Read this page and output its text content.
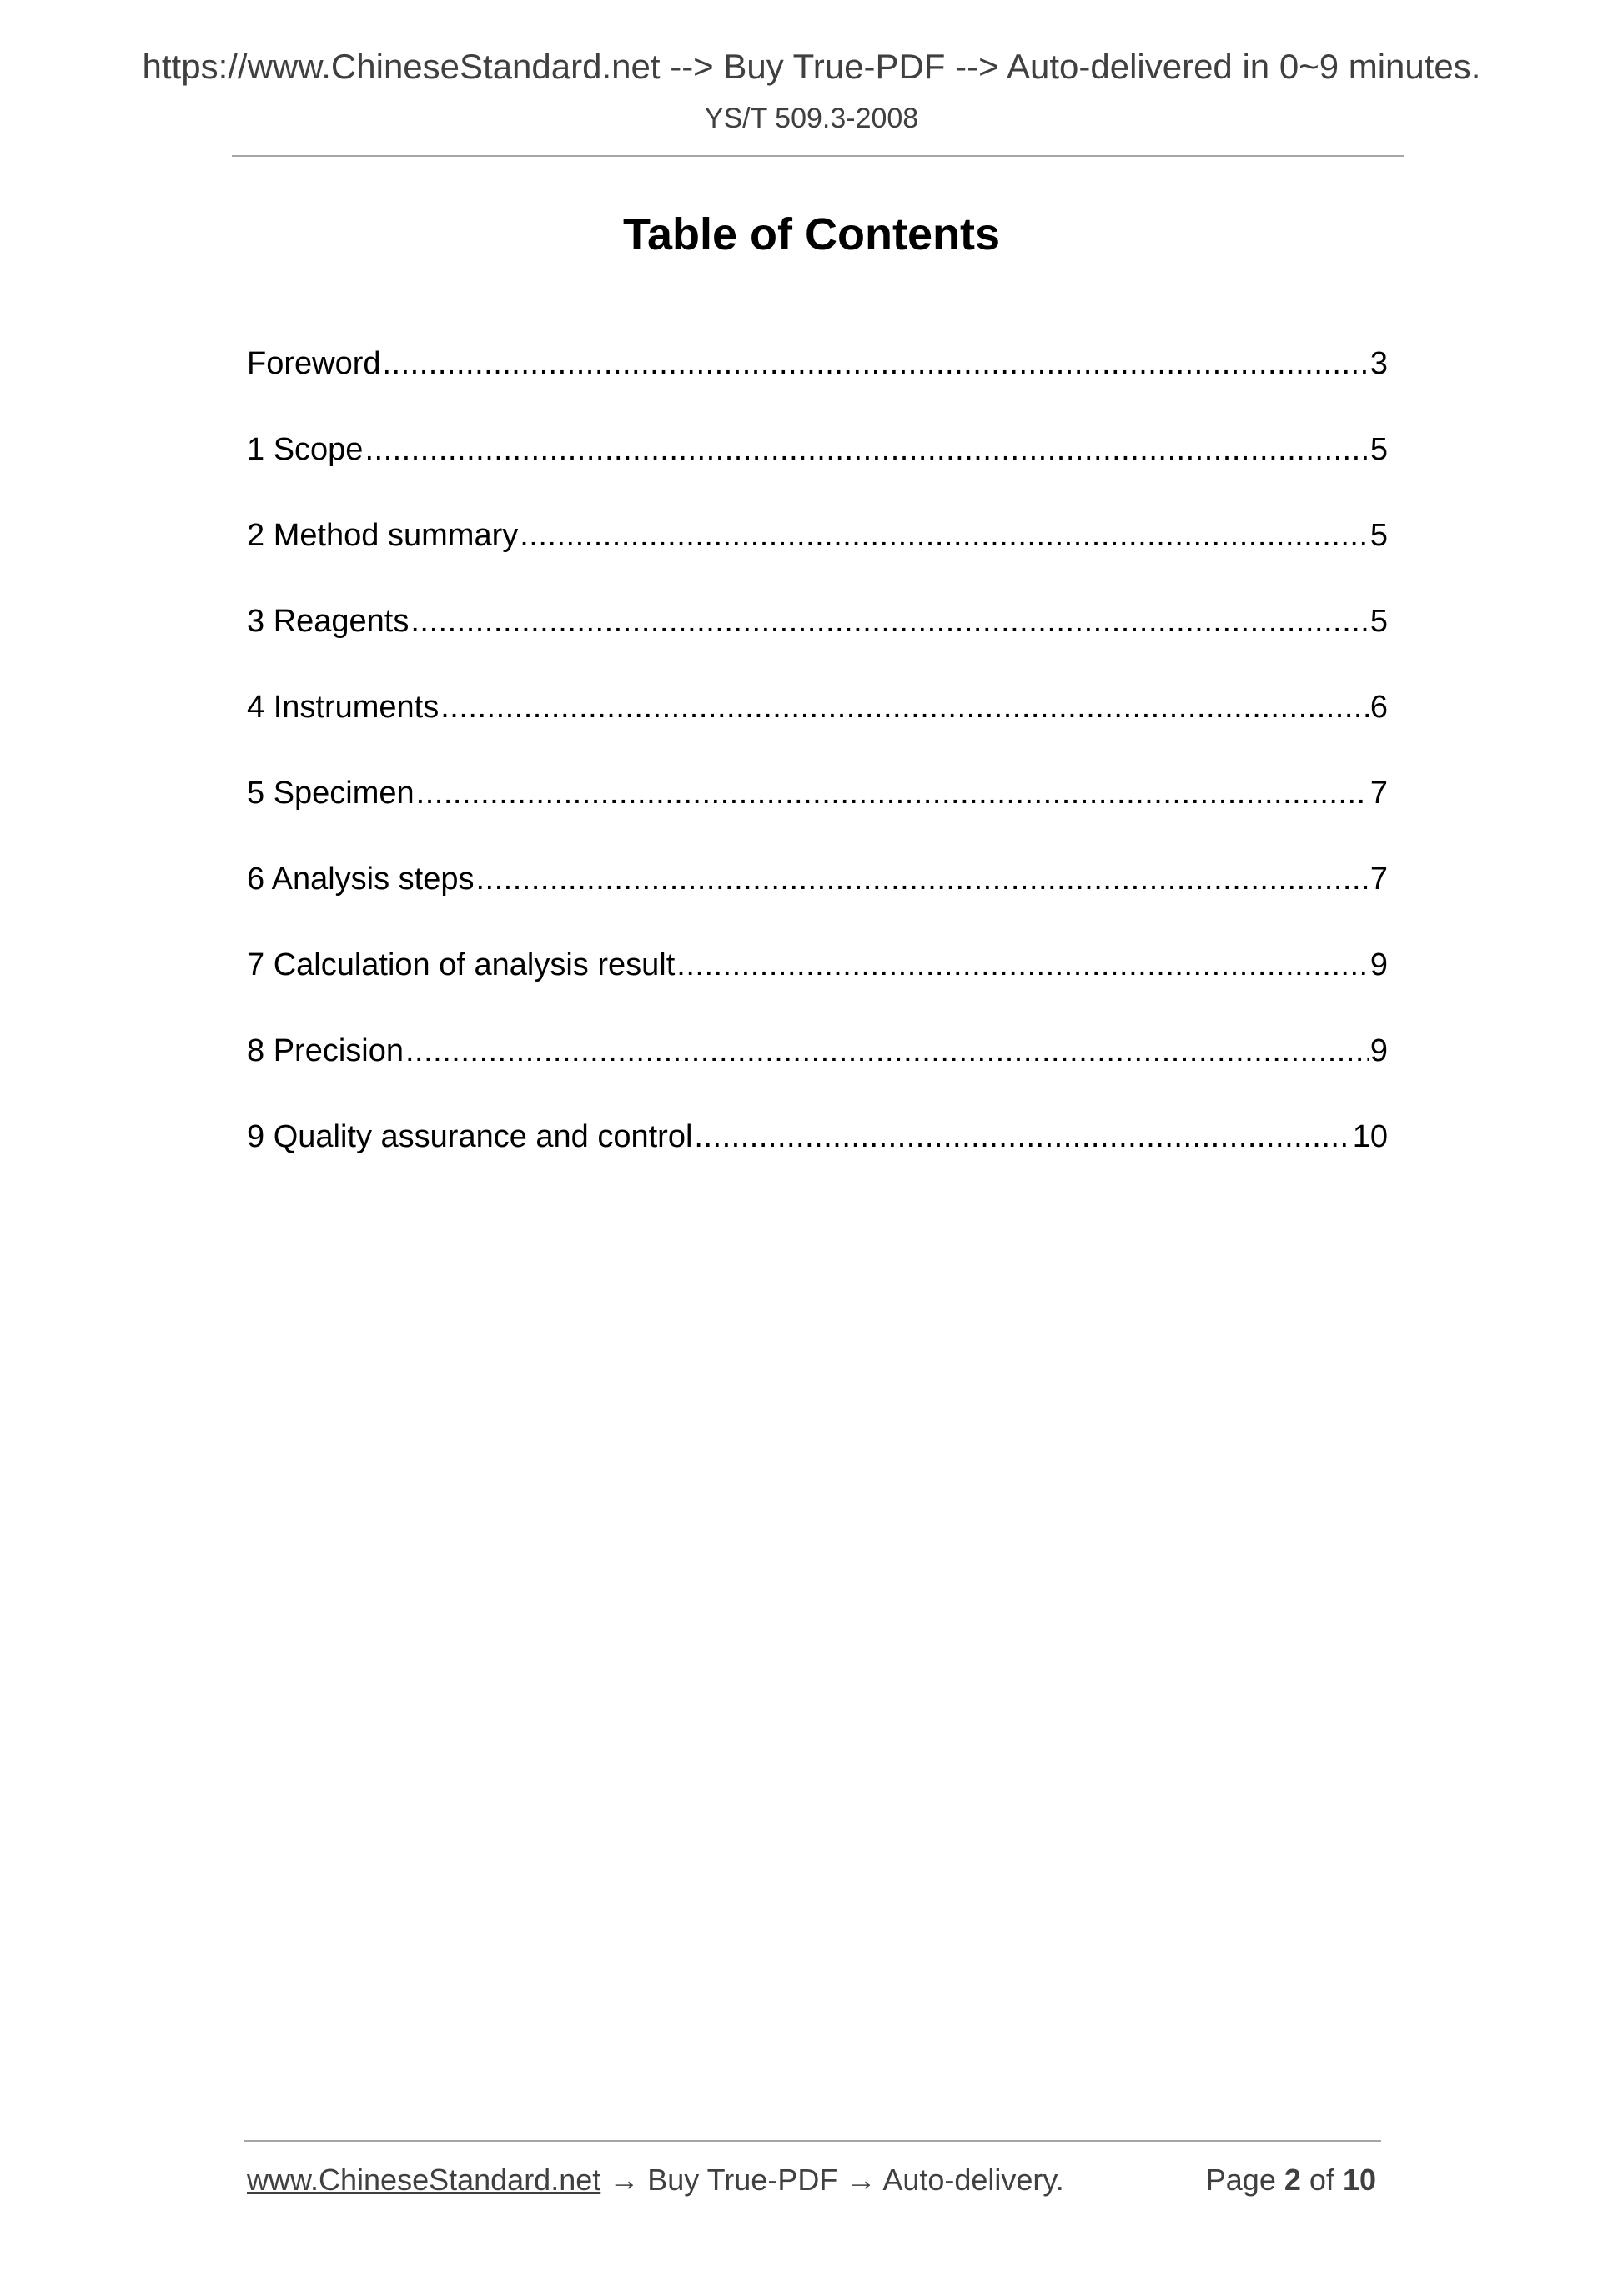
https://www.ChineseStandard.net --> Buy True-PDF --> Auto-delivered in 0~9 minutes.
YS/T 509.3-2008
Table of Contents
Foreword .....	3
1 Scope .....	5
2 Method summary .....	5
3 Reagents .....	5
4 Instruments .....	6
5 Specimen .....	7
6 Analysis steps .....	7
7 Calculation of analysis result .....	9
8 Precision .....	9
9 Quality assurance and control .....	10
www.ChineseStandard.net → Buy True-PDF → Auto-delivery.	Page 2 of 10
